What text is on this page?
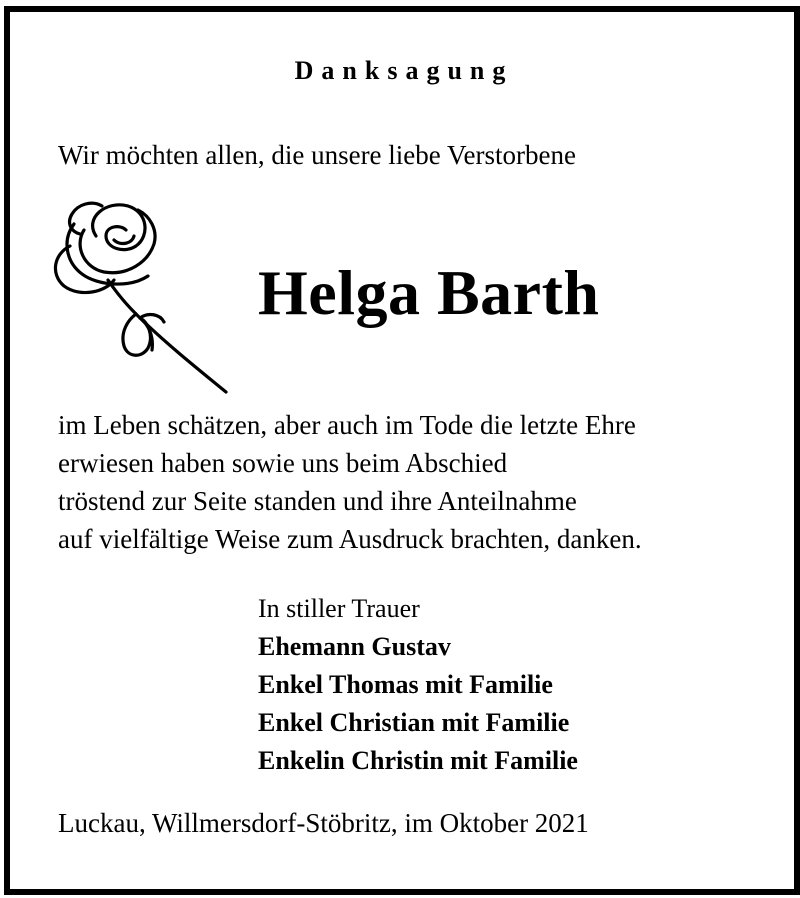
Danksagung
Wir möchten allen, die unsere liebe Verstorbene
Helga Barth
im Leben schätzen, aber auch im Tode die letzte Ehre
erwiesen haben sowie uns beim Abschied
tröstend zur Seite standen und ihre Anteilnahme
auf vielfältige Weise zum Ausdruck brachten, danken.
In stiller Trauer
Ehemann Gustav
Enkel Thomas mit Familie
Enkel Christian mit Familie
Enkelin Christin mit Familie
Luckau, Willmersdorf-Stöbritz, im Oktober 2021
